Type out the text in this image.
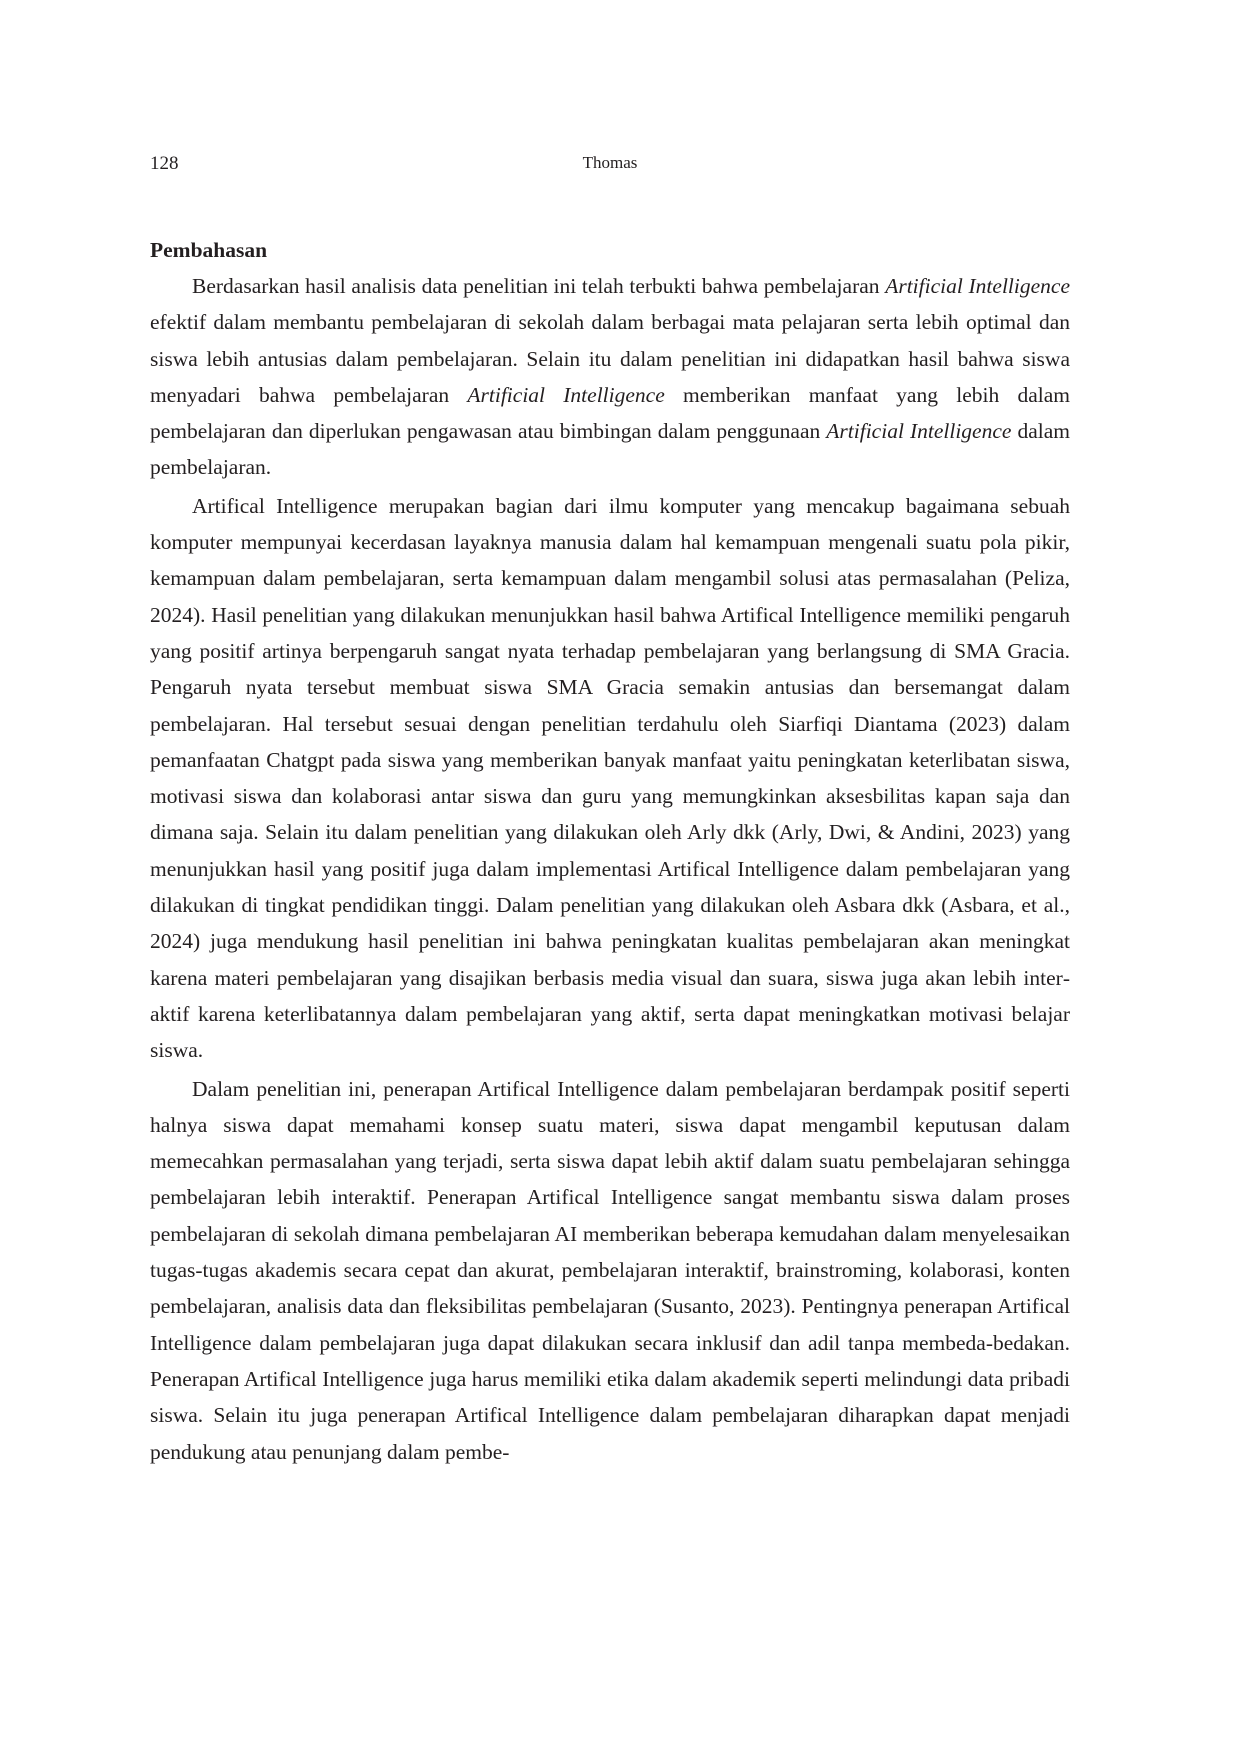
128	Thomas
Pembahasan

Berdasarkan hasil analisis data penelitian ini telah terbukti bahwa pembelajaran Artificial Intelligence efektif dalam membantu pembelajaran di sekolah dalam berbagai mata pelajaran serta lebih optimal dan siswa lebih antusias dalam pembelajaran. Selain itu dalam penelitian ini didapatkan hasil bahwa siswa menyadari bahwa pembelajaran Artificial Intelligence memberikan manfaat yang lebih dalam pembelajaran dan diperlukan pengawasan atau bimbingan dalam penggunaan Artificial Intelligence dalam pembelajaran.

Artifical Intelligence merupakan bagian dari ilmu komputer yang mencakup bagaimana sebuah komputer mempunyai kecerdasan layaknya manusia dalam hal kemampuan mengenali suatu pola pikir, kemampuan dalam pembelajaran, serta kemampuan dalam mengambil solusi atas permasalahan (Peliza, 2024). Hasil penelitian yang dilakukan menunjukkan hasil bahwa Artifical Intelligence memiliki pengaruh yang positif artinya berpengaruh sangat nyata terhadap pembelajaran yang berlangsung di SMA Gracia. Pengaruh nyata tersebut membuat siswa SMA Gracia semakin antusias dan bersemangat dalam pembelajaran. Hal tersebut sesuai dengan penelitian terdahulu oleh Siarfiqi Diantama (2023) dalam pemanfaatan Chatgpt pada siswa yang memberikan banyak manfaat yaitu peningkatan keterlibatan siswa, motivasi siswa dan kolaborasi antar siswa dan guru yang memungkinkan aksesbilitas kapan saja dan dimana saja. Selain itu dalam penelitian yang dilakukan oleh Arly dkk (Arly, Dwi, & Andini, 2023) yang menunjukkan hasil yang positif juga dalam implementasi Artifical Intelligence dalam pembelajaran yang dilakukan di tingkat pendidikan tinggi. Dalam penelitian yang dilakukan oleh Asbara dkk (Asbara, et al., 2024) juga mendukung hasil penelitian ini bahwa peningkatan kualitas pembelajaran akan meningkat karena materi pembelajaran yang disajikan berbasis media visual dan suara, siswa juga akan lebih interaktif karena keterlibatannya dalam pembelajaran yang aktif, serta dapat meningkatkan motivasi belajar siswa.

Dalam penelitian ini, penerapan Artifical Intelligence dalam pembelajaran berdampak positif seperti halnya siswa dapat memahami konsep suatu materi, siswa dapat mengambil keputusan dalam memecahkan permasalahan yang terjadi, serta siswa dapat lebih aktif dalam suatu pembelajaran sehingga pembelajaran lebih interaktif. Penerapan Artifical Intelligence sangat membantu siswa dalam proses pembelajaran di sekolah dimana pembelajaran AI memberikan beberapa kemudahan dalam menyelesaikan tugas-tugas akademis secara cepat dan akurat, pembelajaran interaktif, brainstroming, kolaborasi, konten pembelajaran, analisis data dan fleksibilitas pembelajaran (Susanto, 2023). Pentingnya penerapan Artifical Intelligence dalam pembelajaran juga dapat dilakukan secara inklusif dan adil tanpa membeda-bedakan. Penerapan Artifical Intelligence juga harus memiliki etika dalam akademik seperti melindungi data pribadi siswa. Selain itu juga penerapan Artifical Intelligence dalam pembelajaran diharapkan dapat menjadi pendukung atau penunjang dalam pembe-
